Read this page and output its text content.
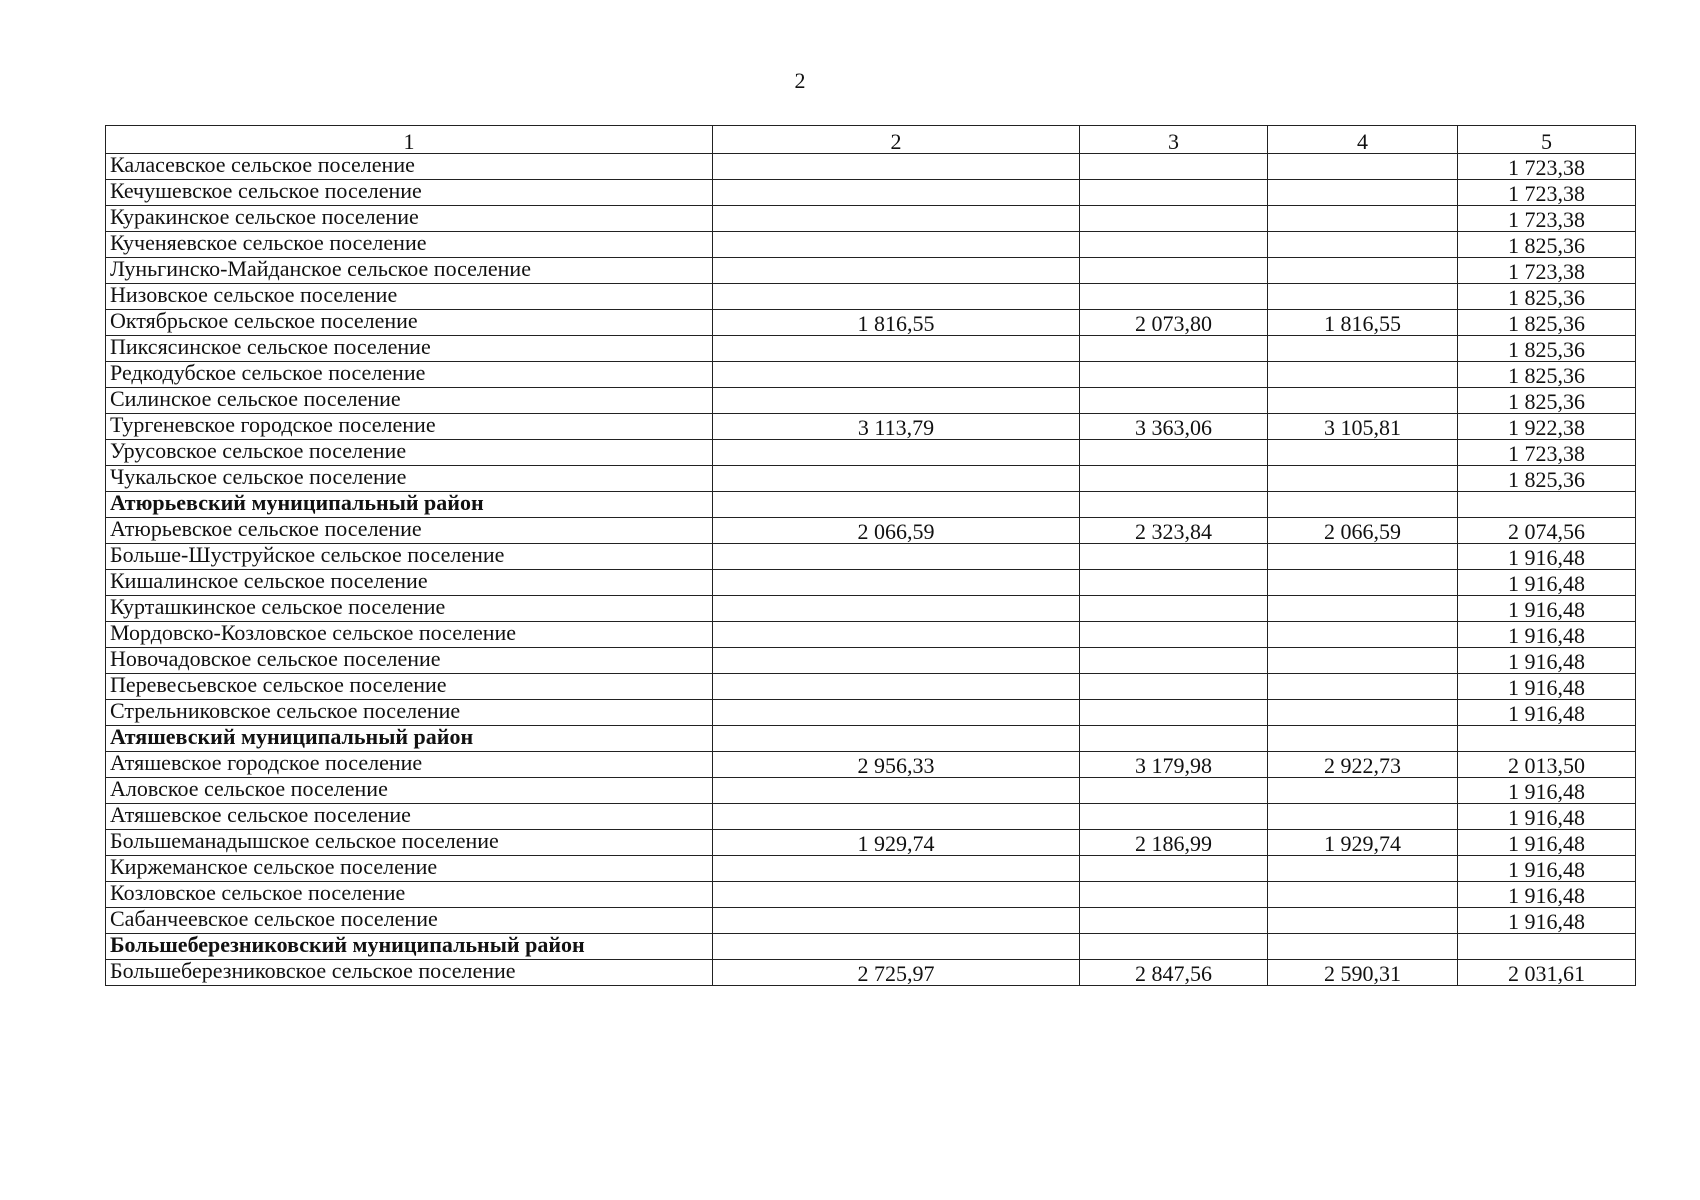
2
1	2	3	4	5
Каласевское сельское поселение				1 723,38
Кечушевское сельское поселение				1 723,38
Куракинское сельское поселение				1 723,38
Кученяевское сельское поселение				1 825,36
Луньгинско-Майданское сельское поселение				1 723,38
Низовское сельское поселение				1 825,36
Октябрьское сельское поселение	1 816,55	2 073,80	1 816,55	1 825,36
Пиксясинское сельское поселение				1 825,36
Редкодубское сельское поселение				1 825,36
Силинское сельское поселение				1 825,36
Тургеневское городское поселение	3 113,79	3 363,06	3 105,81	1 922,38
Урусовское сельское поселение				1 723,38
Чукальское сельское поселение				1 825,36
Атюрьевский муниципальный район				
Атюрьевское сельское поселение	2 066,59	2 323,84	2 066,59	2 074,56
Больше-Шуструйское сельское поселение				1 916,48
Кишалинское сельское поселение				1 916,48
Курташкинское сельское поселение				1 916,48
Мордовско-Козловское сельское поселение				1 916,48
Новочадовское сельское поселение				1 916,48
Перевесьевское сельское поселение				1 916,48
Стрельниковское сельское поселение				1 916,48
Атяшевский муниципальный район				
Атяшевское городское поселение	2 956,33	3 179,98	2 922,73	2 013,50
Аловское сельское поселение				1 916,48
Атяшевское сельское поселение				1 916,48
Большеманадышское сельское поселение	1 929,74	2 186,99	1 929,74	1 916,48
Киржеманское сельское поселение				1 916,48
Козловское сельское поселение				1 916,48
Сабанчеевское сельское поселение				1 916,48
Большеберезниковский муниципальный район				
Большеберезниковское сельское поселение	2 725,97	2 847,56	2 590,31	2 031,61
